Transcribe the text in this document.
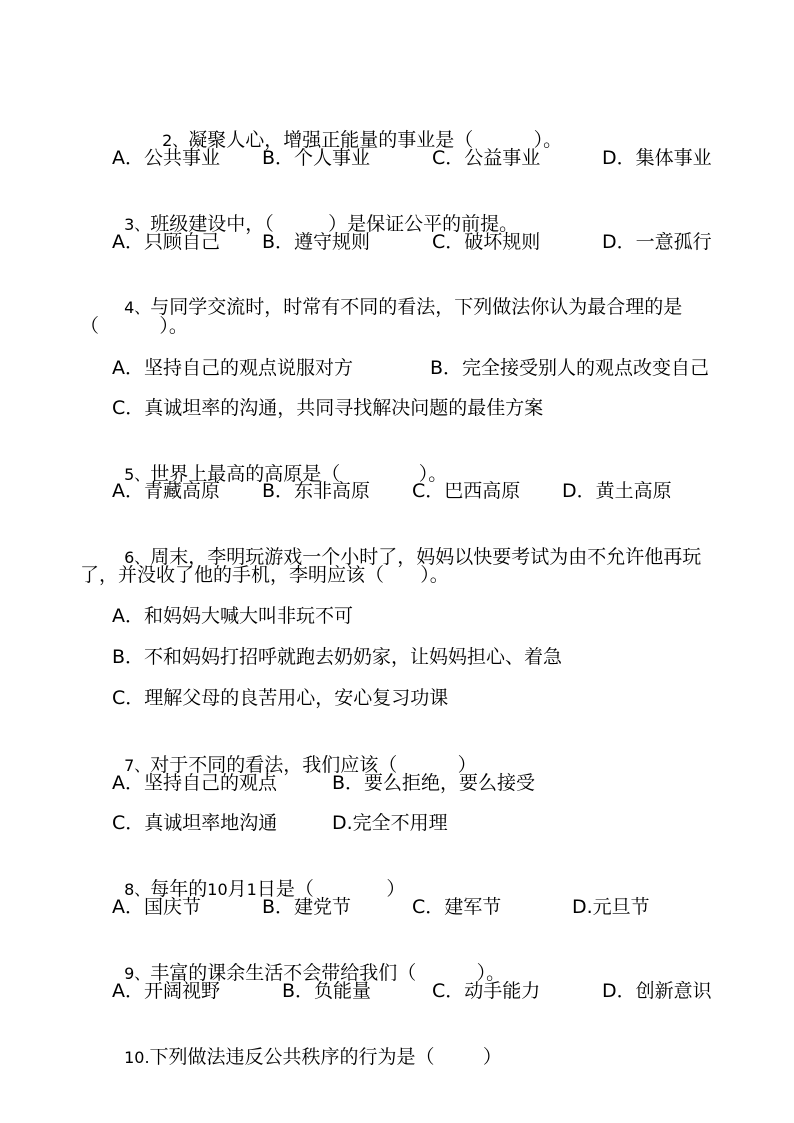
2、凝聚人心，增强正能量的事业是（          ）。

A．公共事业 B．个人事业	C．公益事业	D．集体事业

3、班级建设中，（         ）是保证公平的前提。

A．只顾自己 B．遵守规则	C．破坏规则	D．一意孤行

4、与同学交流时，时常有不同的看法，下列做法你认为最合理的是

（          ）。
A．坚持自己的观点说服对方	B．完全接受别人的观点改变自己
C．真诚坦率的沟通，共同寻找解决问题的最佳方案

5、世界上最高的高原是（             ）。

A．青藏高原 B．东非高原 C．巴西高原 D．黄土高原

6、周末，李明玩游戏一个小时了，妈妈以快要考试为由不允许他再玩

了，并没收了他的手机，李明应该（      ）。
A．和妈妈大喊大叫非玩不可
B．不和妈妈打招呼就跑去奶奶家，让妈妈担心、着急
C．理解父母的良苦用心，安心复习功课

7、对于不同的看法，我们应该（          ）

A．坚持自己的观点	B．要么拒绝，要么接受
C．真诚坦率地沟通	D.完全不用理

8、每年的10月1日是（            ）

A．国庆节	B．建党节	C．建军节	D.元旦节

9、丰富的课余生活不会带给我们（          ）。

A．开阔视野	B．负能量	C．动手能力	D．创新意识

10.下列做法违反公共秩序的行为是（        ）
